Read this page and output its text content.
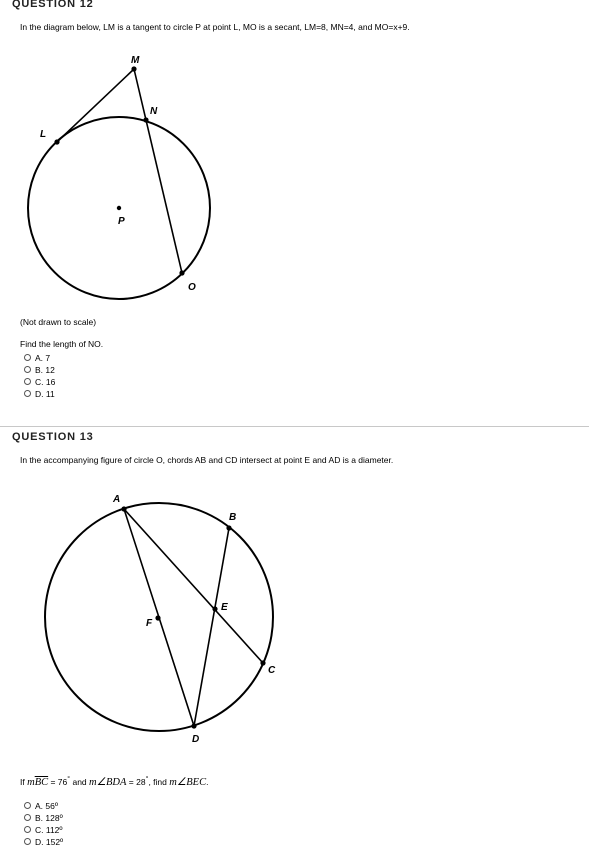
QUESTION 12
In the diagram below, LM is a tangent to circle P at point L, MO is a secant, LM=8, MN=4, and MO=x+9.
M
N
L
P
O
(Not drawn to scale)
Find the length of NO.
A. 7
B. 12
C. 16
D. 11
QUESTION 13
In the accompanying figure of circle O, chords AB and CD intersect at point E and AD is a diameter.
A
B
E
F
C
D
If $m\overline{BC} = 76^\circ$ and m∠BDA = 28°, find m∠BEC.
A. 56º
B. 128º
C. 112º
D. 152º
